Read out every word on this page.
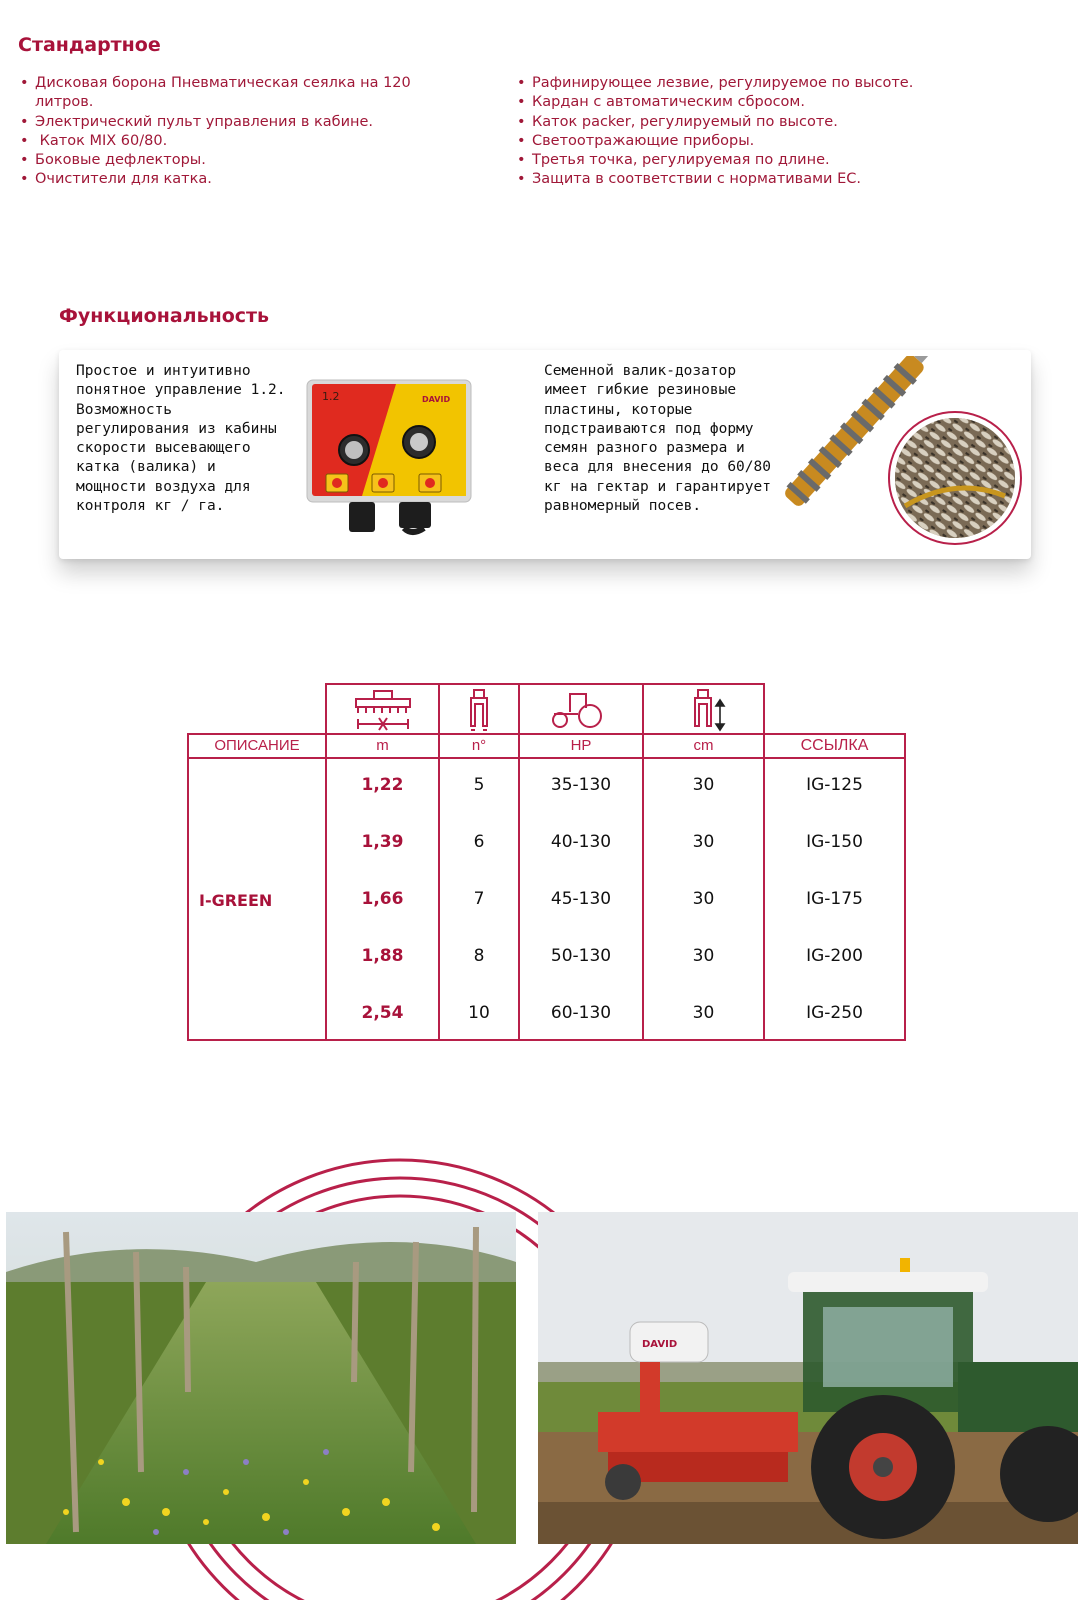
Стандартное
• Дисковая борона Пневматическая сеялка на 120 литров.
• Электрический пульт управления в кабине.
•  Каток MIX 60/80.
• Боковые дефлекторы.
• Очистители для катка.
• Рафинирующее лезвие, регулируемое по высоте.
• Кардан с автоматическим сбросом.
• Каток packer, регулируемый по высоте.
• Светоотражающие приборы.
• Третья точка, регулируемая по длине.
• Защита в соответствии с нормативами ЕС.
Функциональность

Простое и интуитивно понятное управление 1.2. Возможность регулирования из кабины скорости высевающего катка (валика) и мощности воздуха для контроля кг / га.

1.2	DAVID

Семенной валик-дозатор имеет гибкие резиновые пластины, которые подстраиваются под форму семян разного размера и веса для внесения до 60/80 кг на гектар и гарантирует равномерный посев.

ОПИСАНИЕ	m	n°	HP	cm	ССЫЛКА
I-GREEN
1,22	5	35-130	30	IG-125
1,39	6	40-130	30	IG-150
1,66	7	45-130	30	IG-175
1,88	8	50-130	30	IG-200
2,54	10	60-130	30	IG-250
DAVID
